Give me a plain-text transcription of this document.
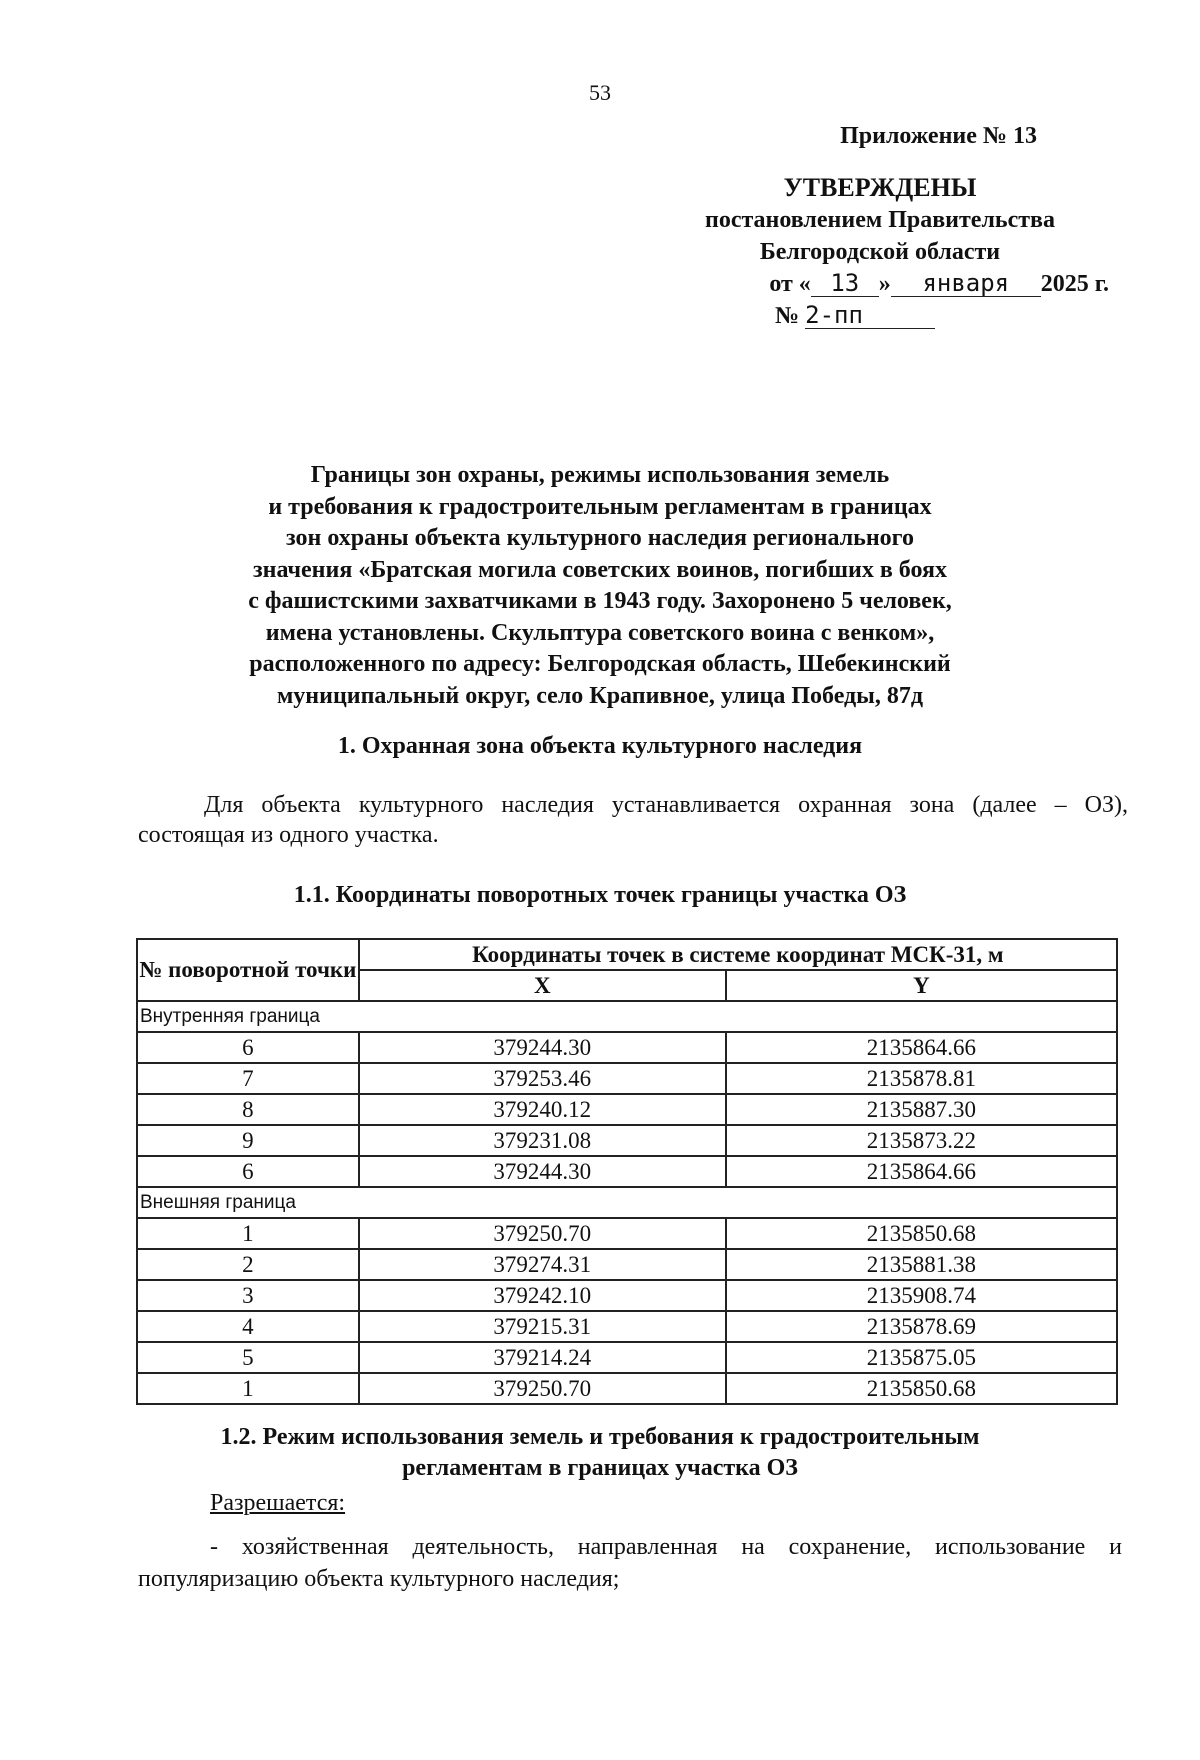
53
Приложение № 13
УТВЕРЖДЕНЫ
постановлением Правительства
Белгородской области
от « 13 » января 2025 г.
№ 2-пп
Границы зон охраны, режимы использования земель
и требования к градостроительным регламентам в границах
зон охраны объекта культурного наследия регионального
значения «Братская могила советских воинов, погибших в боях
с фашистскими захватчиками в 1943 году. Захоронено 5 человек,
имена установлены. Скульптура советского воина с венком»,
расположенного по адресу: Белгородская область, Шебекинский
муниципальный округ, село Крапивное, улица Победы, 87д
1. Охранная зона объекта культурного наследия
Для объекта культурного наследия устанавливается охранная зона (далее – ОЗ), состоящая из одного участка.
1.1. Координаты поворотных точек границы участка ОЗ
№ поворотной точки	Координаты точек в системе координат МСК-31, м	
	X	Y
Внутренняя граница		
6	379244.30	2135864.66
7	379253.46	2135878.81
8	379240.12	2135887.30
9	379231.08	2135873.22
6	379244.30	2135864.66
Внешняя граница		
1	379250.70	2135850.68
2	379274.31	2135881.38
3	379242.10	2135908.74
4	379215.31	2135878.69
5	379214.24	2135875.05
1	379250.70	2135850.68
1.2. Режим использования земель и требования к градостроительным
регламентам в границах участка ОЗ
Разрешается:
- хозяйственная деятельность, направленная на сохранение, использование и популяризацию объекта культурного наследия;
